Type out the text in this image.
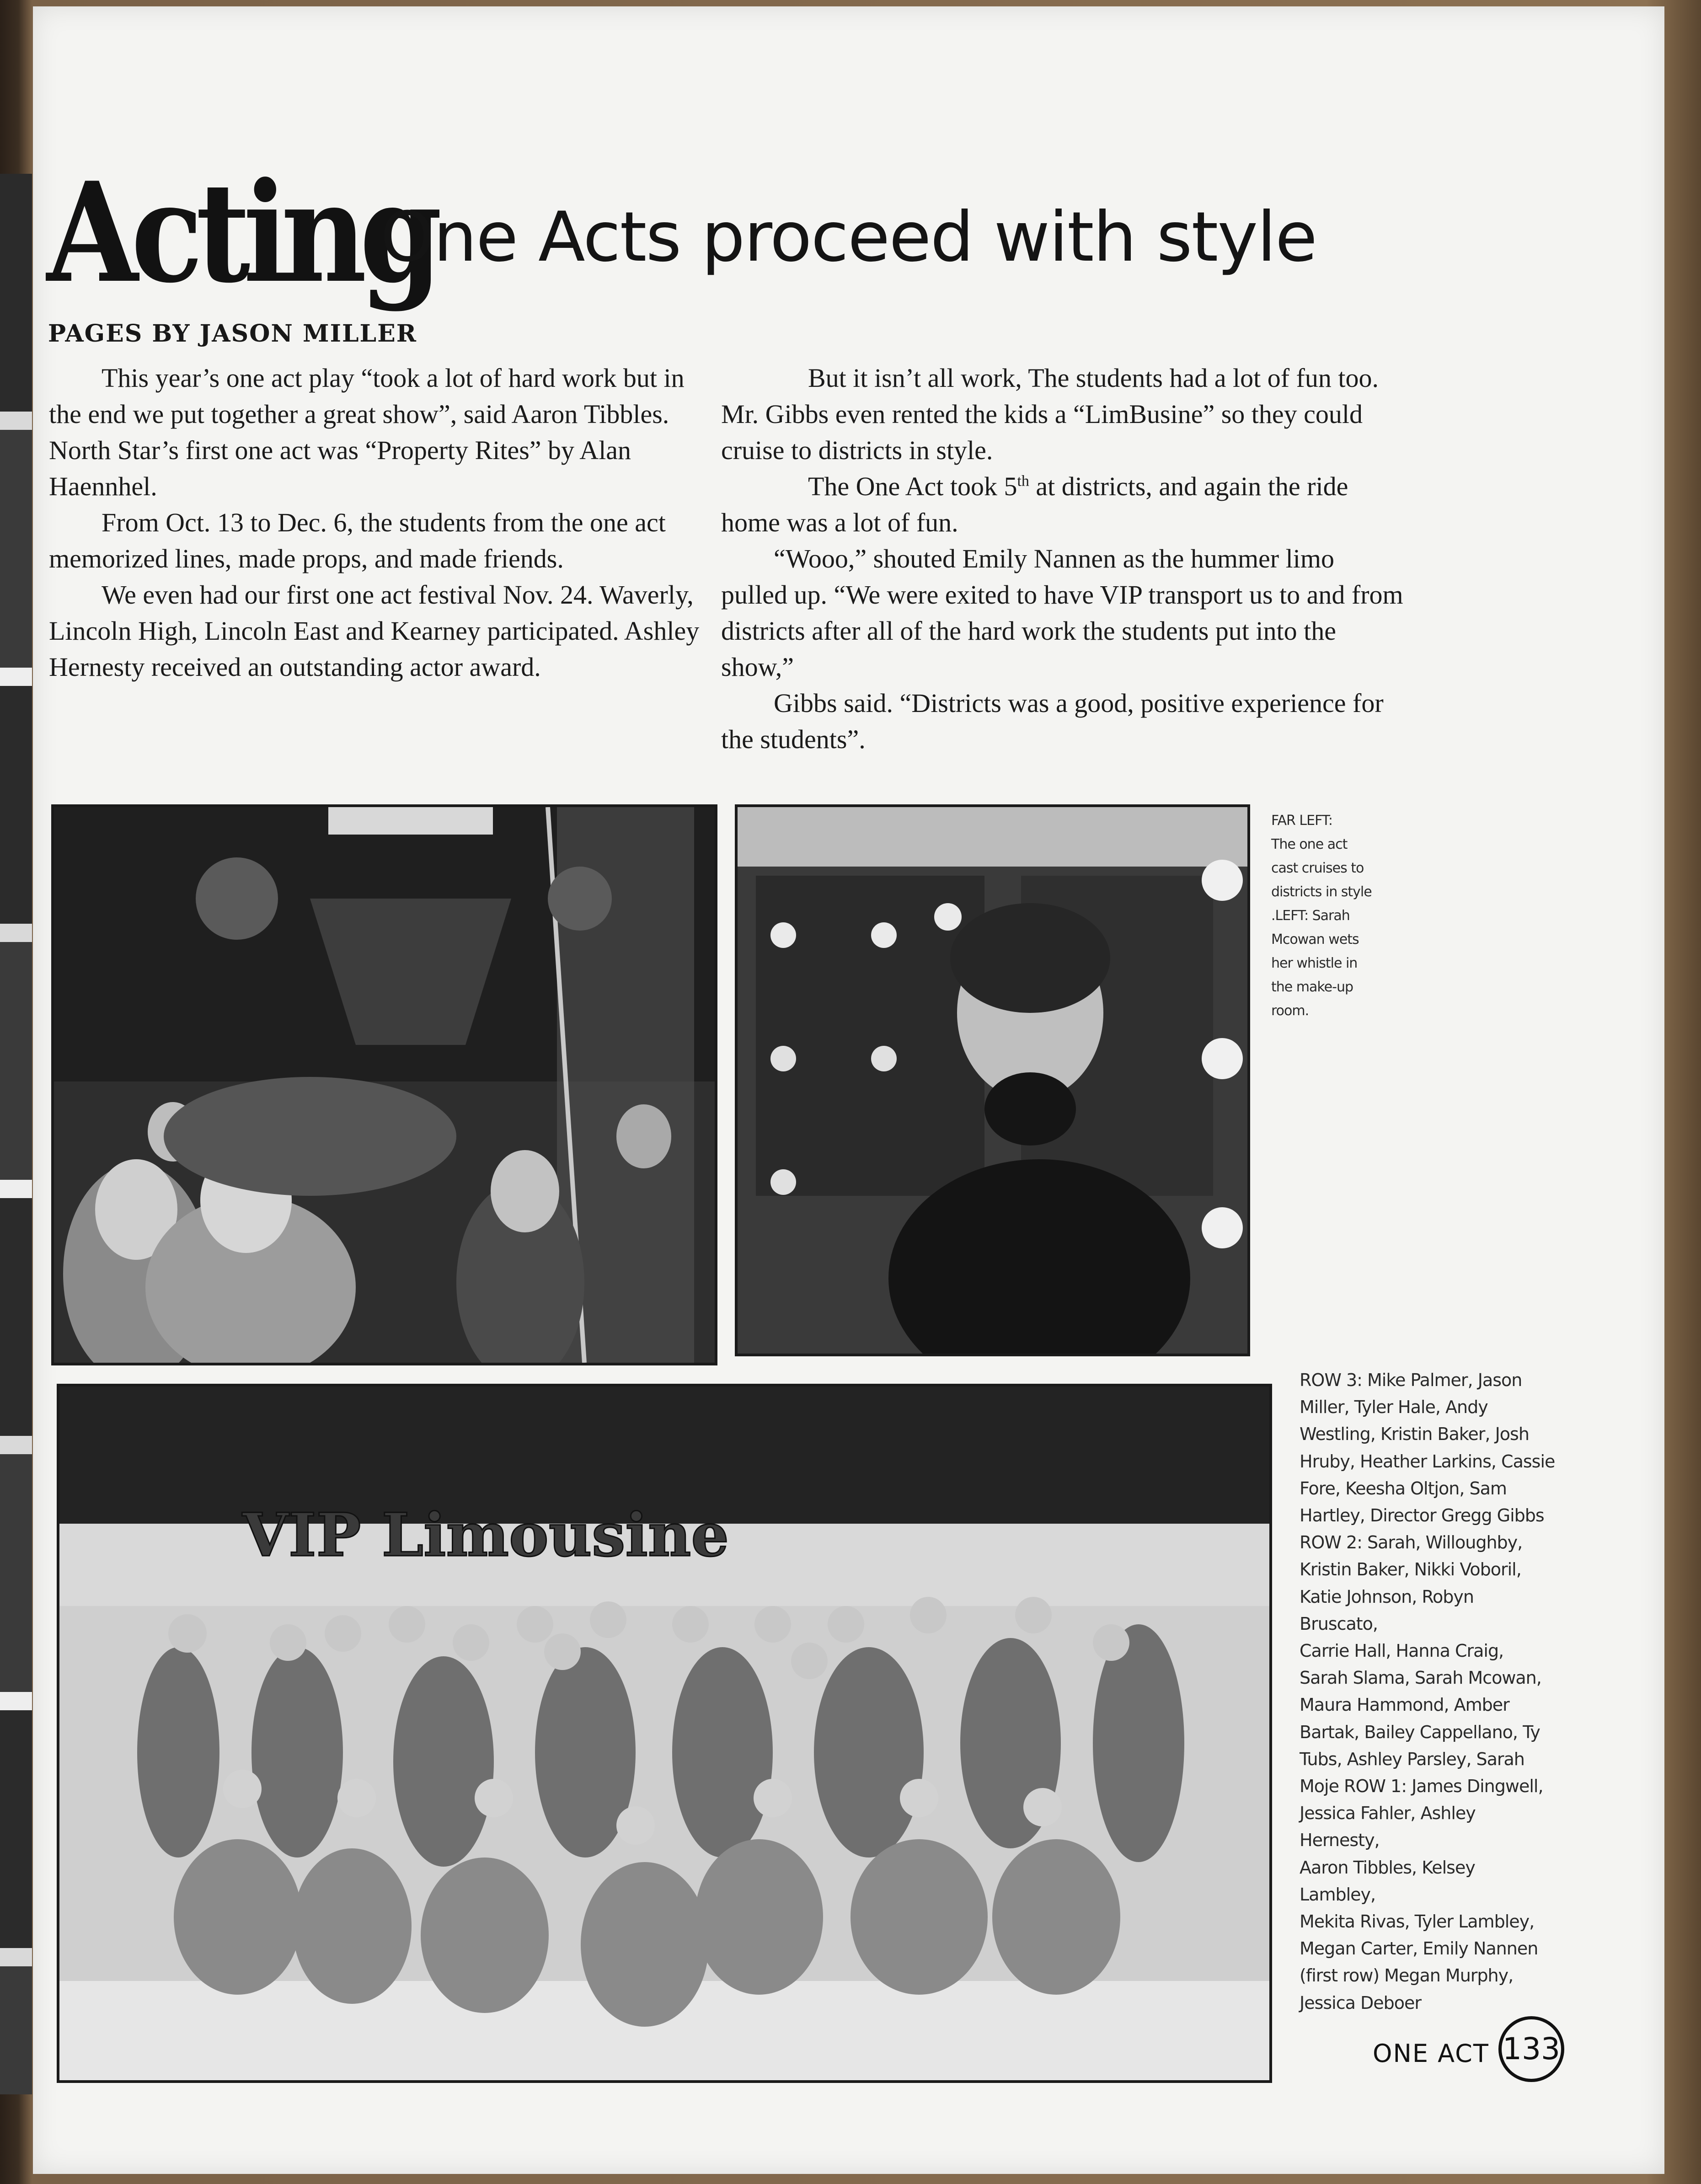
Acting
One Acts proceed with style
PAGES BY JASON MILLER

This year’s one act play “took a lot of hard work but in the end we put together a great show”, said Aaron Tibbles. North Star’s first one act was “Property Rites” by Alan Haennhel.

From Oct. 13 to Dec. 6, the students from the one act memorized lines, made props, and made friends.

We even had our first one act festival Nov. 24. Waverly, Lincoln High, Lincoln East and Kearney participated. Ashley Hernesty received an outstanding actor award.

But it isn’t all work, The students had a lot of fun too. Mr. Gibbs even rented the kids a “LimBusine” so they could cruise to districts in style.

The One Act took 5th at districts, and again the ride home was a lot of fun.

“Wooo,” shouted Emily Nannen as the hummer limo pulled up. “We were exited to have VIP transport us to and from districts after all of the hard work the students put into the show,”

Gibbs said. “Districts was a good, positive experience for the students”.

FAR LEFT:
The one act
cast cruises to
districts in style
.LEFT: Sarah
Mcowan wets
her whistle in
the make-up
room.
VIP Limousine
ROW 3: Mike Palmer, Jason
Miller, Tyler Hale, Andy
Westling, Kristin Baker, Josh
Hruby, Heather Larkins, Cassie
Fore, Keesha Oltjon, Sam
Hartley, Director Gregg Gibbs
ROW 2: Sarah, Willoughby,
Kristin Baker, Nikki Voboril,
Katie Johnson, Robyn Bruscato,
Carrie Hall, Hanna Craig,
Sarah Slama, Sarah Mcowan,
Maura Hammond, Amber
Bartak, Bailey Cappellano, Ty
Tubs, Ashley Parsley, Sarah
Moje ROW 1: James Dingwell,
Jessica Fahler, Ashley Hernesty,
Aaron Tibbles, Kelsey Lambley,
Mekita Rivas, Tyler Lambley,
Megan Carter, Emily Nannen
(first row) Megan Murphy,
Jessica Deboer
ONE ACT 133
